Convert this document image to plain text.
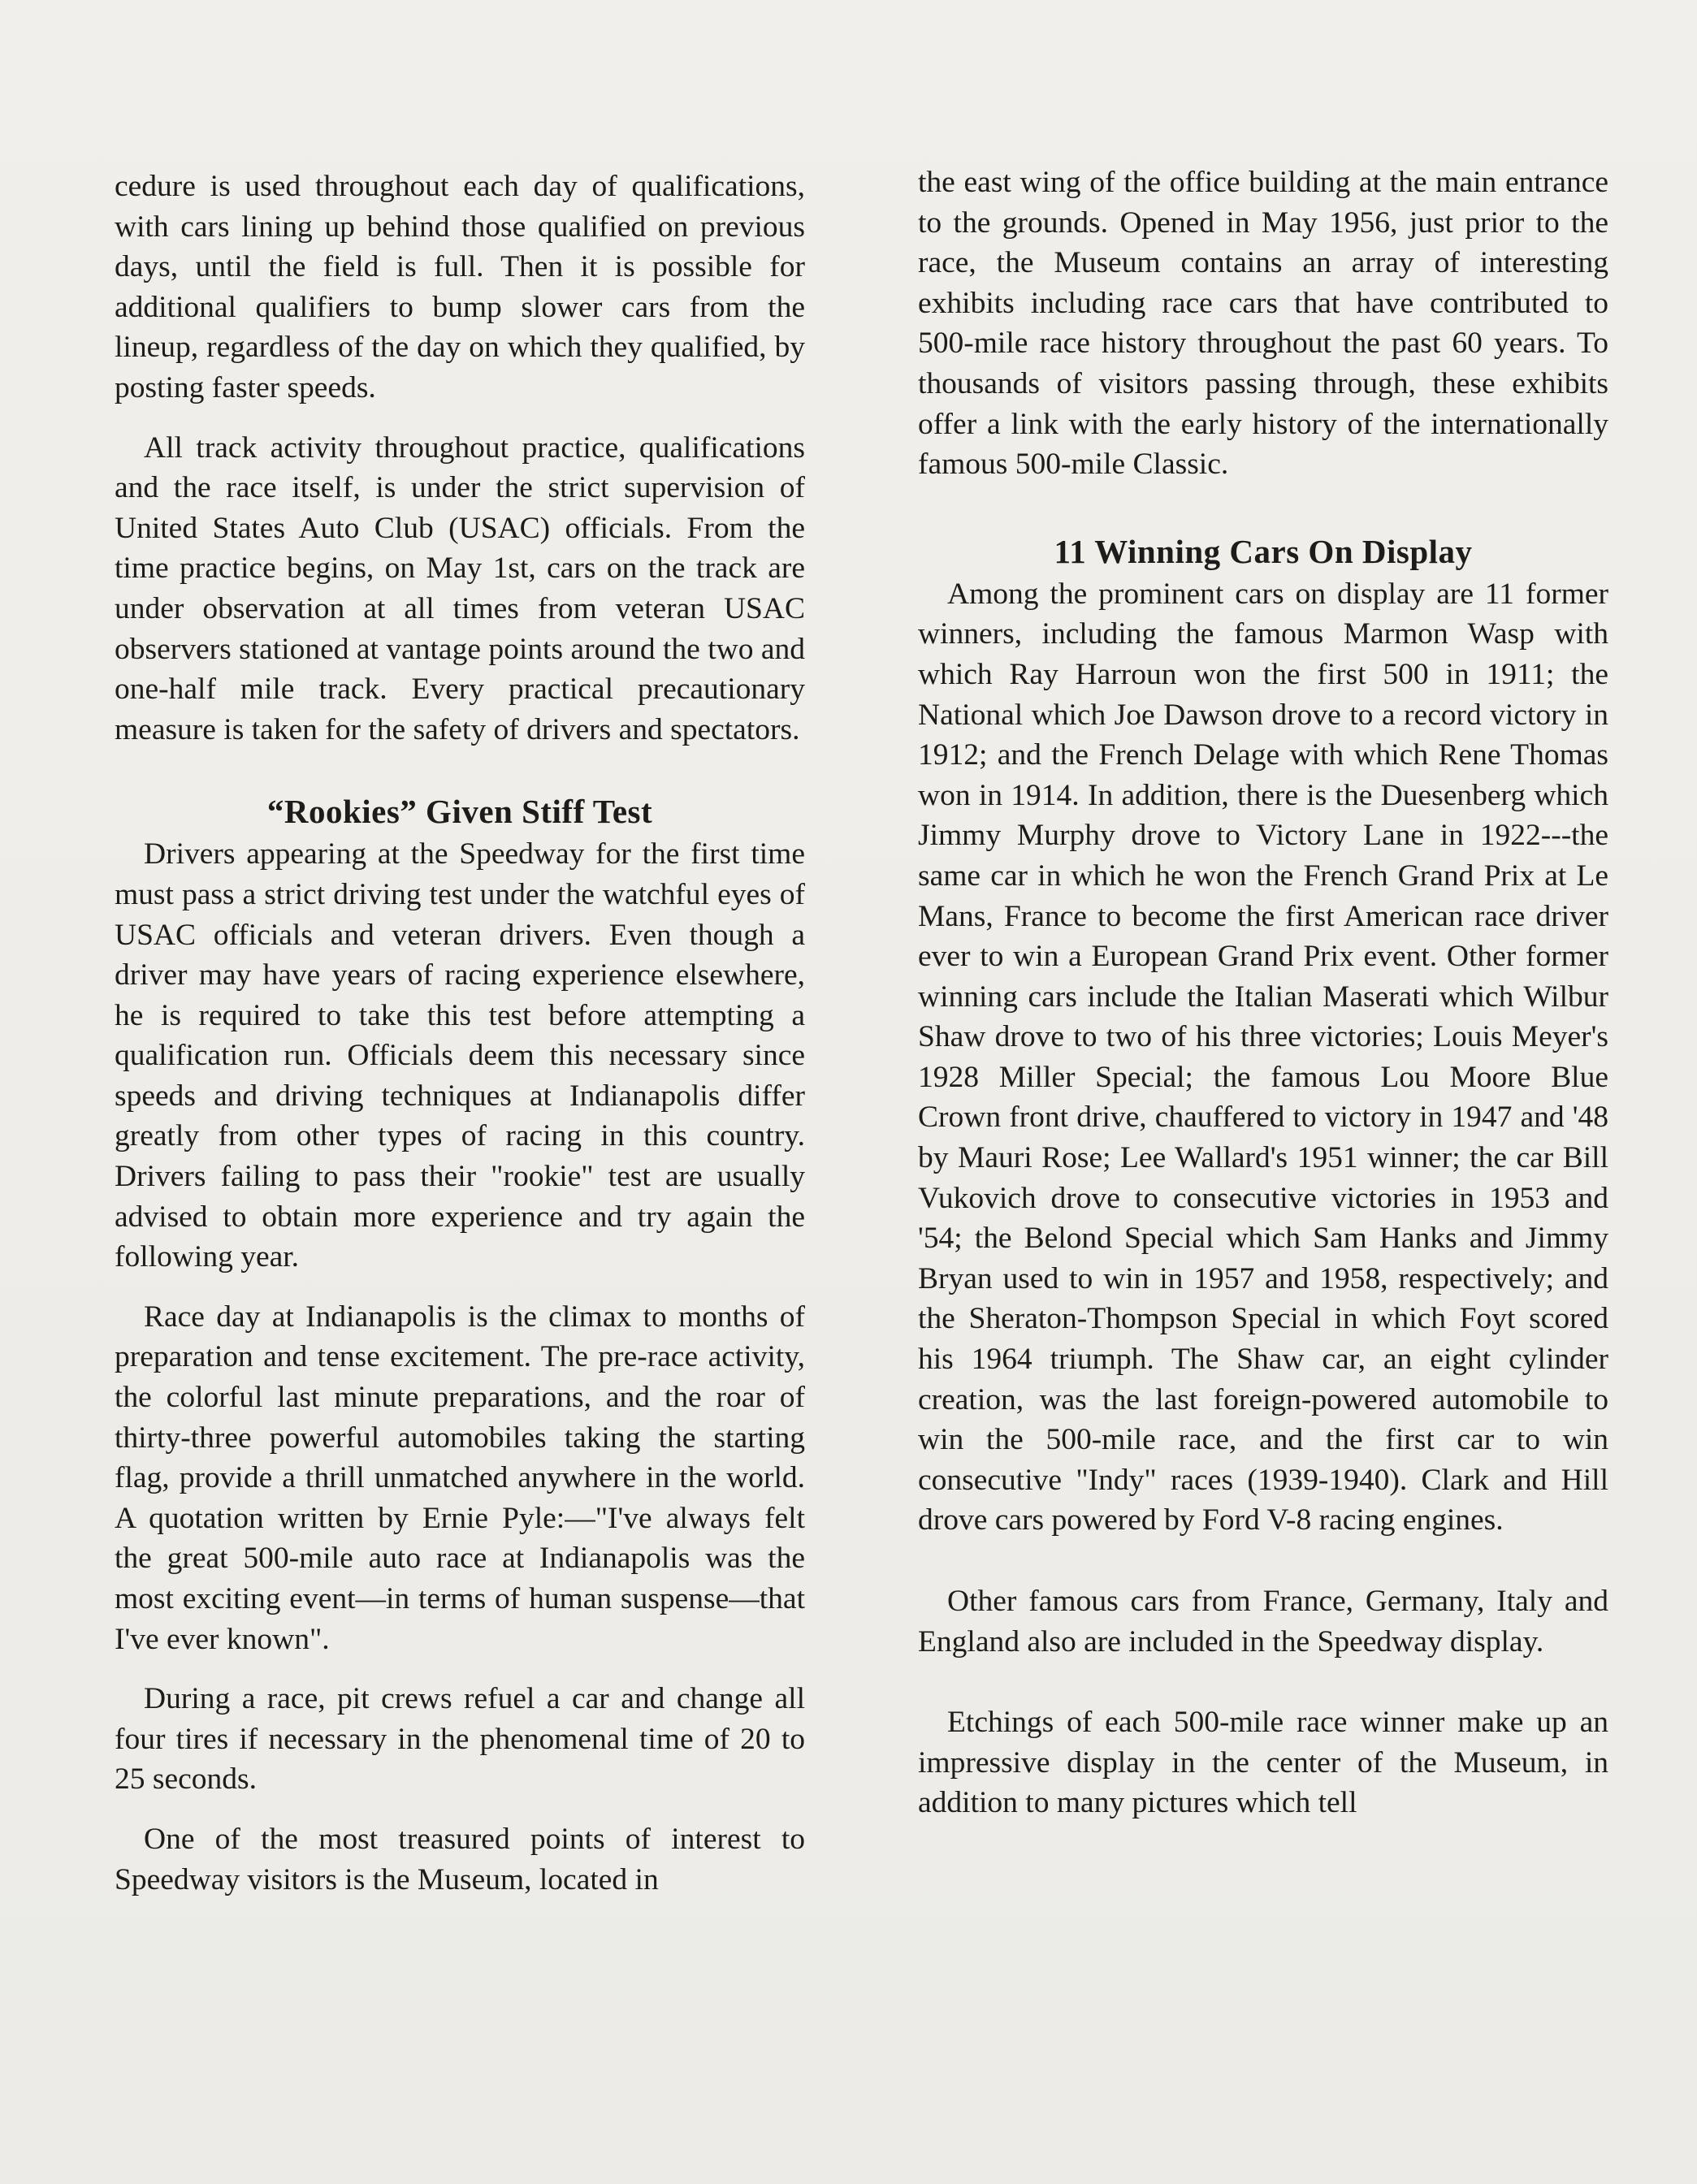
cedure is used throughout each day of qualifications, with cars lining up behind those qualified on previous days, until the field is full. Then it is possible for additional qualifiers to bump slower cars from the lineup, regardless of the day on which they qualified, by posting faster speeds.

All track activity throughout practice, qualifications and the race itself, is under the strict supervision of United States Auto Club (USAC) officials. From the time practice begins, on May 1st, cars on the track are under observation at all times from veteran USAC observers stationed at vantage points around the two and one-half mile track. Every practical precautionary measure is taken for the safety of drivers and spectators.

“Rookies” Given Stiff Test

Drivers appearing at the Speedway for the first time must pass a strict driving test under the watchful eyes of USAC officials and veteran drivers. Even though a driver may have years of racing experience elsewhere, he is required to take this test before attempting a qualification run. Officials deem this necessary since speeds and driving techniques at Indianapolis differ greatly from other types of racing in this country. Drivers failing to pass their "rookie" test are usually advised to obtain more experience and try again the following year.

Race day at Indianapolis is the climax to months of preparation and tense excitement. The pre-race activity, the colorful last minute preparations, and the roar of thirty-three powerful automobiles taking the starting flag, provide a thrill unmatched anywhere in the world. A quotation written by Ernie Pyle:—"I've always felt the great 500-mile auto race at Indianapolis was the most exciting event—in terms of human suspense—that I've ever known".

During a race, pit crews refuel a car and change all four tires if necessary in the phenomenal time of 20 to 25 seconds.

One of the most treasured points of interest to Speedway visitors is the Museum, located in

the east wing of the office building at the main entrance to the grounds. Opened in May 1956, just prior to the race, the Museum contains an array of interesting exhibits including race cars that have contributed to 500-mile race history throughout the past 60 years. To thousands of visitors passing through, these exhibits offer a link with the early history of the internationally famous 500-mile Classic.

11 Winning Cars On Display

Among the prominent cars on display are 11 former winners, including the famous Marmon Wasp with which Ray Harroun won the first 500 in 1911; the National which Joe Dawson drove to a record victory in 1912; and the French Delage with which Rene Thomas won in 1914. In addition, there is the Duesenberg which Jimmy Murphy drove to Victory Lane in 1922---the same car in which he won the French Grand Prix at Le Mans, France to become the first American race driver ever to win a European Grand Prix event. Other former winning cars include the Italian Maserati which Wilbur Shaw drove to two of his three victories; Louis Meyer's 1928 Miller Special; the famous Lou Moore Blue Crown front drive, chauffered to victory in 1947 and '48 by Mauri Rose; Lee Wallard's 1951 winner; the car Bill Vukovich drove to consecutive victories in 1953 and '54; the Belond Special which Sam Hanks and Jimmy Bryan used to win in 1957 and 1958, respectively; and the Sheraton-Thompson Special in which Foyt scored his 1964 triumph. The Shaw car, an eight cylinder creation, was the last foreign-powered automobile to win the 500-mile race, and the first car to win consecutive "Indy" races (1939-1940). Clark and Hill drove cars powered by Ford V-8 racing engines.

Other famous cars from France, Germany, Italy and England also are included in the Speedway display.

Etchings of each 500-mile race winner make up an impressive display in the center of the Museum, in addition to many pictures which tell
